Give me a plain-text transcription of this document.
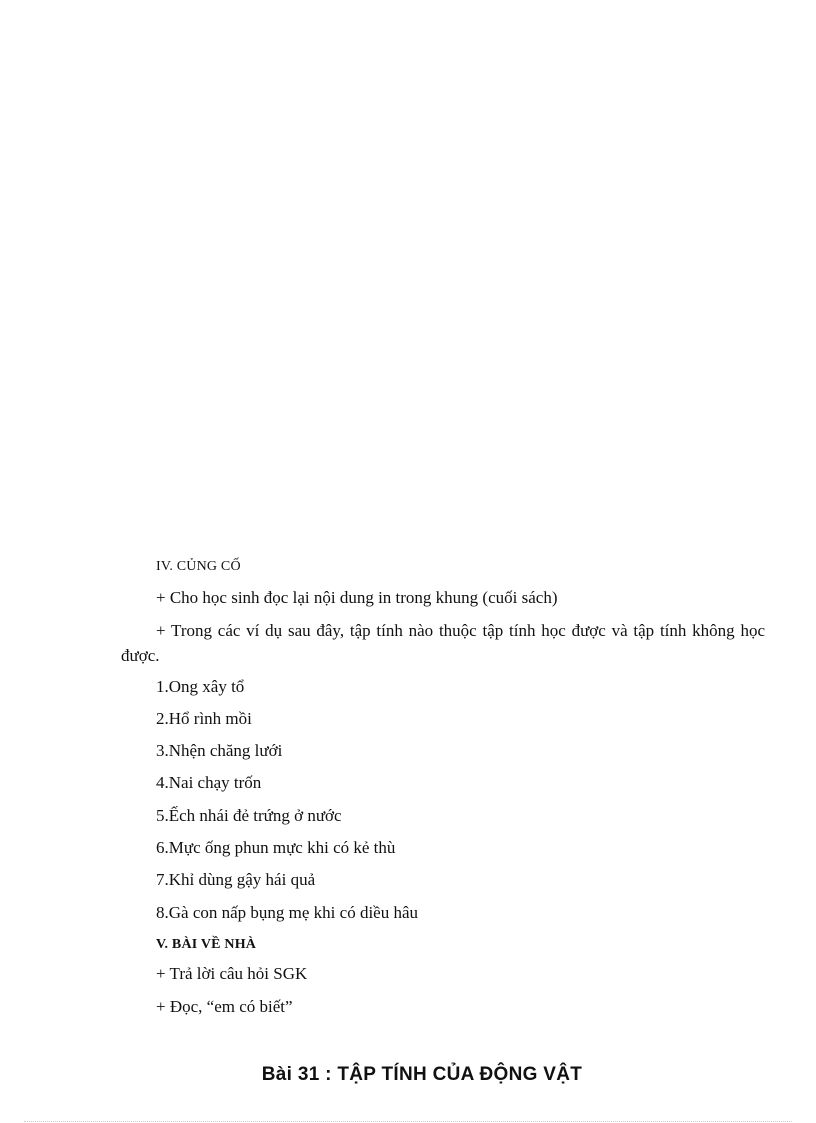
IV. CỦNG CỐ
+ Cho học sinh đọc lại nội dung in trong khung (cuối sách)
+ Trong các ví dụ sau đây, tập tính nào thuộc tập tính học được và tập tính không học được.
1.Ong xây tổ
2.Hổ rình mồi
3.Nhện chăng lưới
4.Nai chạy trốn
5.Ếch nhái đẻ trứng ở nước
6.Mực ống phun mực khi có kẻ thù
7.Khỉ dùng gậy hái quả
8.Gà con nấp bụng mẹ khi có diều hâu
V. BÀI VỀ NHÀ
+ Trả lời câu hỏi SGK
+ Đọc, “em có biết”
Bài 31 : TẬP TÍNH CỦA ĐỘNG VẬT
